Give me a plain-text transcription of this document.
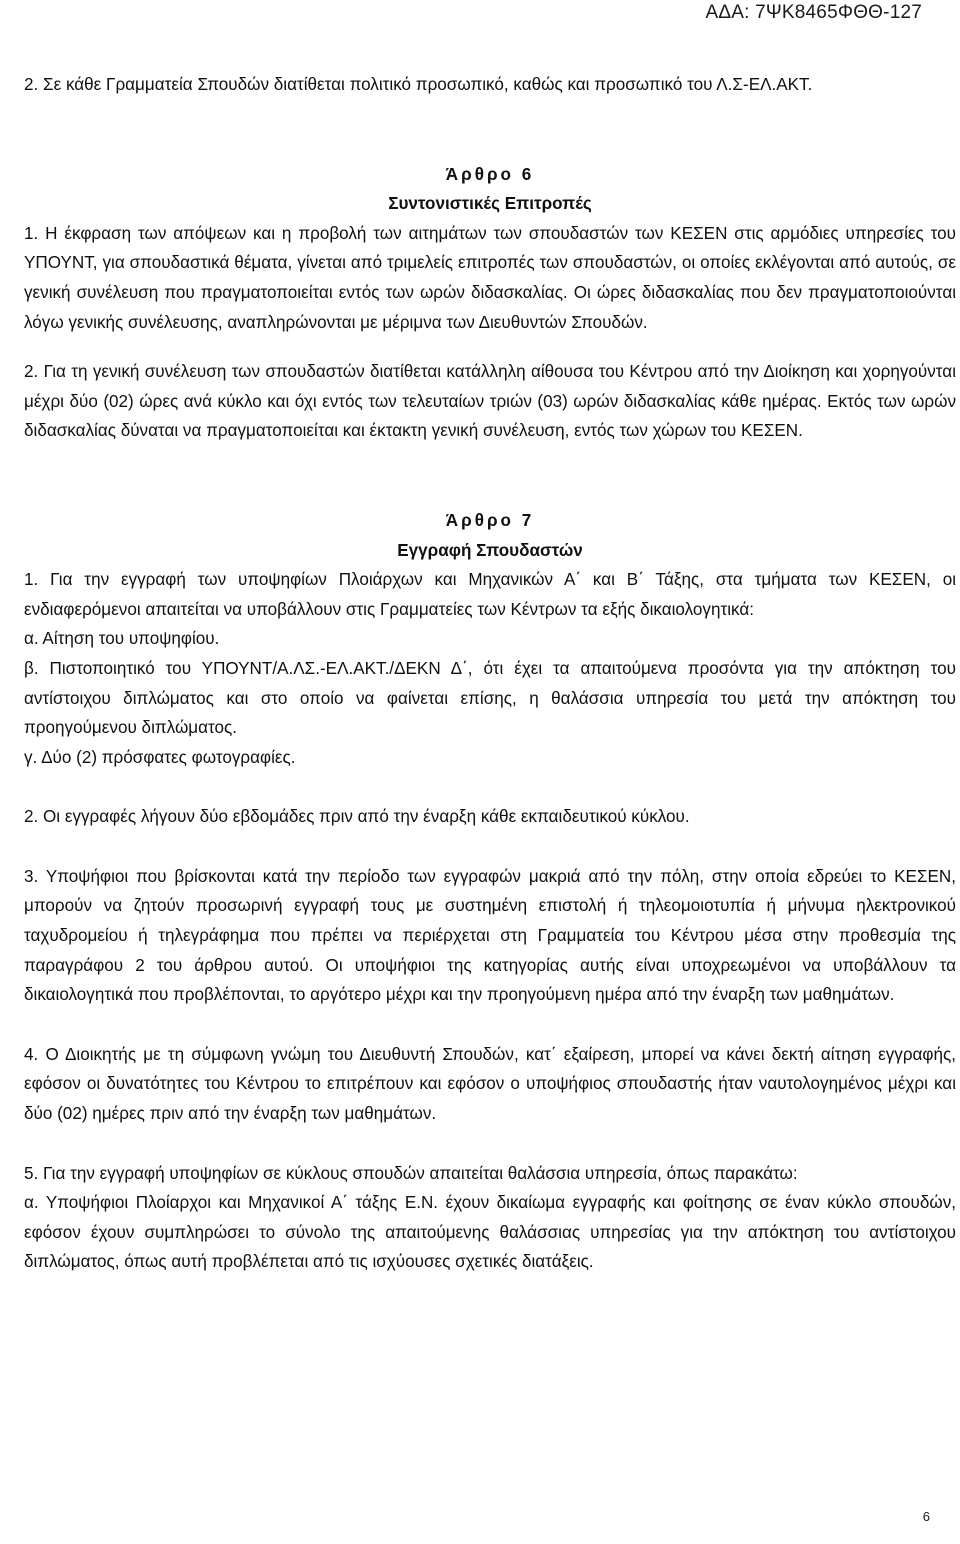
ΑΔΑ: 7ΨΚ8465ΦΘΘ-127

2. Σε κάθε Γραμματεία Σπουδών διατίθεται πολιτικό προσωπικό, καθώς και προσωπικό του Λ.Σ-ΕΛ.ΑΚΤ.

Άρθρο 6

Συντονιστικές Επιτροπές

1. Η έκφραση των απόψεων και η προβολή των αιτημάτων των σπουδαστών των ΚΕΣΕΝ στις αρμόδιες υπηρεσίες του ΥΠΟΥΝΤ, για σπουδαστικά θέματα, γίνεται από τριμελείς επιτροπές των σπουδαστών, οι οποίες εκλέγονται από αυτούς, σε γενική συνέλευση που πραγματοποιείται εντός των ωρών διδασκαλίας. Οι ώρες διδασκαλίας που δεν πραγματοποιούνται λόγω γενικής συνέλευσης, αναπληρώνονται με μέριμνα των Διευθυντών Σπουδών.

2. Για τη γενική συνέλευση των σπουδαστών διατίθεται κατάλληλη αίθουσα του Κέντρου από την Διοίκηση και χορηγούνται μέχρι δύο (02) ώρες ανά κύκλο και όχι εντός των τελευταίων τριών (03) ωρών διδασκαλίας κάθε ημέρας. Εκτός των ωρών διδασκαλίας δύναται να πραγματοποιείται και έκτακτη γενική συνέλευση, εντός των χώρων του ΚΕΣΕΝ.

Άρθρο 7

Εγγραφή Σπουδαστών

1. Για την εγγραφή των υποψηφίων Πλοιάρχων και Μηχανικών Α΄ και Β΄ Τάξης, στα τμήματα των ΚΕΣΕΝ, οι ενδιαφερόμενοι απαιτείται να υποβάλλουν στις Γραμματείες των Κέντρων τα εξής δικαιολογητικά:

α. Αίτηση του υποψηφίου.

β. Πιστοποιητικό του ΥΠΟΥΝΤ/Α.ΛΣ.-ΕΛ.ΑΚΤ./ΔΕΚΝ Δ΄, ότι έχει τα απαιτούμενα προσόντα για την απόκτηση του αντίστοιχου διπλώματος και στο οποίο να φαίνεται επίσης, η θαλάσσια υπηρεσία του μετά την απόκτηση του προηγούμενου διπλώματος.

γ. Δύο (2) πρόσφατες φωτογραφίες.

2. Οι εγγραφές λήγουν δύο εβδομάδες πριν από την έναρξη κάθε εκπαιδευτικού κύκλου.

3. Υποψήφιοι που βρίσκονται κατά την περίοδο των εγγραφών μακριά από την πόλη, στην οποία εδρεύει το ΚΕΣΕΝ, μπορούν να ζητούν προσωρινή εγγραφή τους με συστημένη επιστολή ή τηλεομοιοτυπία ή μήνυμα ηλεκτρονικού ταχυδρομείου ή τηλεγράφημα που πρέπει να περιέρχεται στη Γραμματεία του Κέντρου μέσα στην προθεσμία της παραγράφου 2 του άρθρου αυτού. Οι υποψήφιοι της κατηγορίας αυτής είναι υποχρεωμένοι να υποβάλλουν τα δικαιολογητικά που προβλέπονται, το αργότερο μέχρι και την προηγούμενη ημέρα από την έναρξη των μαθημάτων.

4. Ο Διοικητής με τη σύμφωνη γνώμη του Διευθυντή Σπουδών, κατ΄ εξαίρεση, μπορεί να κάνει δεκτή αίτηση εγγραφής, εφόσον οι δυνατότητες του Κέντρου το επιτρέπουν και εφόσον ο υποψήφιος σπουδαστής ήταν ναυτολογημένος μέχρι και δύο (02) ημέρες πριν από την έναρξη των μαθημάτων.

5. Για την εγγραφή υποψηφίων σε κύκλους σπουδών απαιτείται θαλάσσια υπηρεσία, όπως παρακάτω:

α. Υποψήφιοι Πλοίαρχοι και Μηχανικοί Α΄ τάξης Ε.Ν. έχουν δικαίωμα εγγραφής και φοίτησης σε έναν κύκλο σπουδών, εφόσον έχουν συμπληρώσει το σύνολο της απαιτούμενης θαλάσσιας υπηρεσίας για την απόκτηση του αντίστοιχου διπλώματος, όπως αυτή προβλέπεται από τις ισχύουσες σχετικές διατάξεις.

6
